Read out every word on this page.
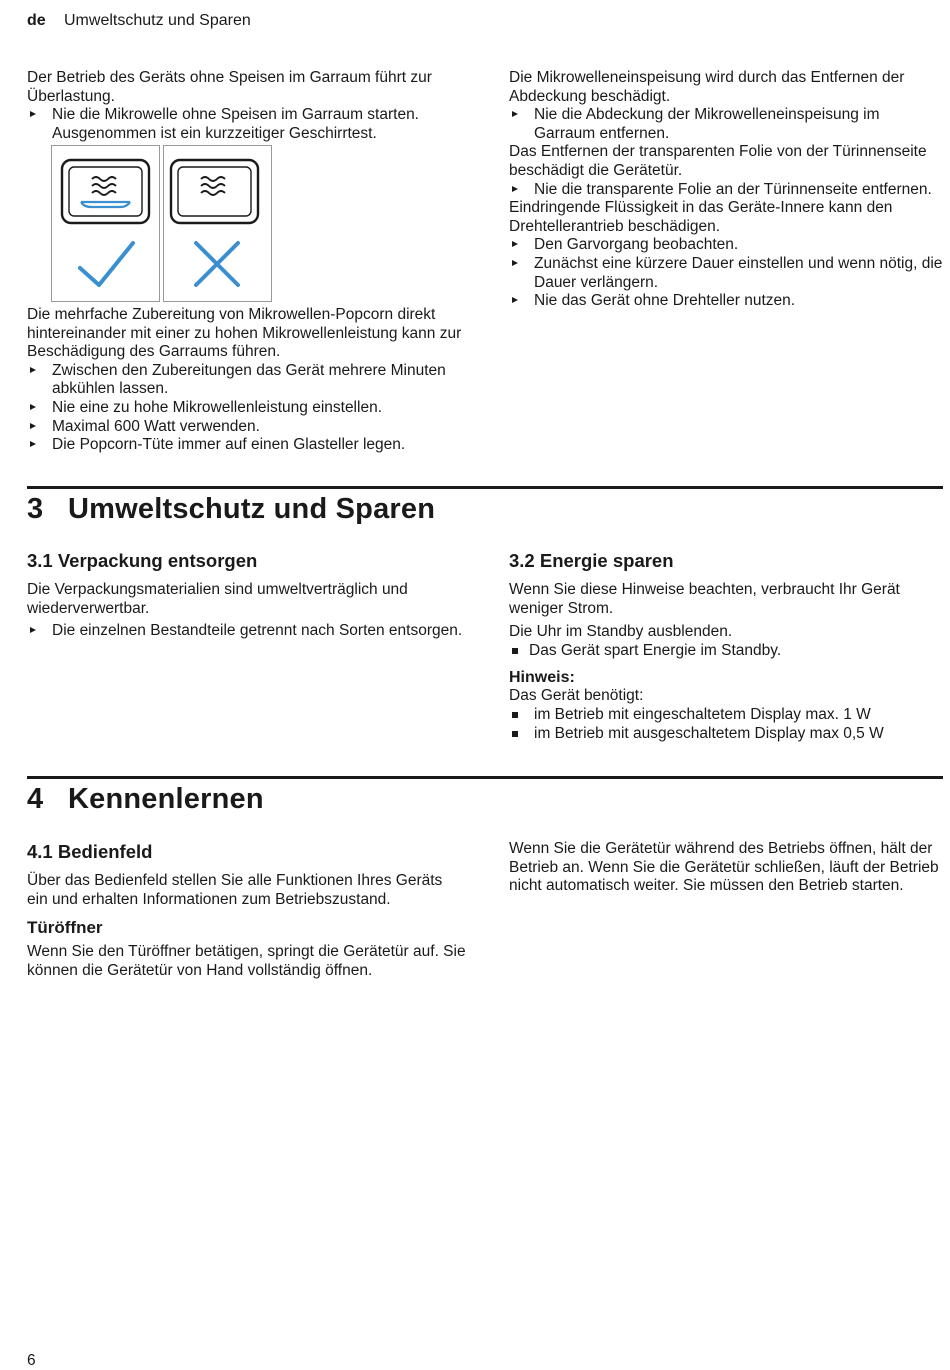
de Umweltschutz und Sparen

Der Betrieb des Geräts ohne Speisen im Garraum führt zur Überlastung.

Nie die Mikrowelle ohne Speisen im Garraum starten. Ausgenommen ist ein kurzzeitiger Geschirrtest.

Die mehrfache Zubereitung von Mikrowellen-Popcorn direkt hintereinander mit einer zu hohen Mikrowellenleistung kann zur Beschädigung des Garraums führen.

Zwischen den Zubereitungen das Gerät mehrere Minuten abkühlen lassen.
Nie eine zu hohe Mikrowellenleistung einstellen.
Maximal 600 Watt verwenden.
Die Popcorn-Tüte immer auf einen Glasteller legen.

Die Mikrowelleneinspeisung wird durch das Entfernen der Abdeckung beschädigt.

Nie die Abdeckung der Mikrowelleneinspeisung im Garraum entfernen.

Das Entfernen der transparenten Folie von der Türinnenseite beschädigt die Gerätetür.

Nie die transparente Folie an der Türinnenseite entfernen.

Eindringende Flüssigkeit in das Geräte-Innere kann den Drehtellerantrieb beschädigen.

Den Garvorgang beobachten.
Zunächst eine kürzere Dauer einstellen und wenn nötig, die Dauer verlängern.
Nie das Gerät ohne Drehteller nutzen.
3 Umweltschutz und Sparen
3.1 Verpackung entsorgen

Die Verpackungsmaterialien sind umweltverträglich und wiederverwertbar.

Die einzelnen Bestandteile getrennt nach Sorten entsorgen.
3.2 Energie sparen

Wenn Sie diese Hinweise beachten, verbraucht Ihr Gerät weniger Strom.

Die Uhr im Standby ausblenden.

Das Gerät spart Energie im Standby.
Hinweis:

Das Gerät benötigt:

im Betrieb mit eingeschaltetem Display max. 1 W
im Betrieb mit ausgeschaltetem Display max 0,5 W
4 Kennenlernen
4.1 Bedienfeld

Über das Bedienfeld stellen Sie alle Funktionen Ihres Geräts ein und erhalten Informationen zum Betriebszustand.

Türöffner

Wenn Sie den Türöffner betätigen, springt die Gerätetür auf. Sie können die Gerätetür von Hand vollständig öffnen.

Wenn Sie die Gerätetür während des Betriebs öffnen, hält der Betrieb an. Wenn Sie die Gerätetür schließen, läuft der Betrieb nicht automatisch weiter. Sie müssen den Betrieb starten.

6
